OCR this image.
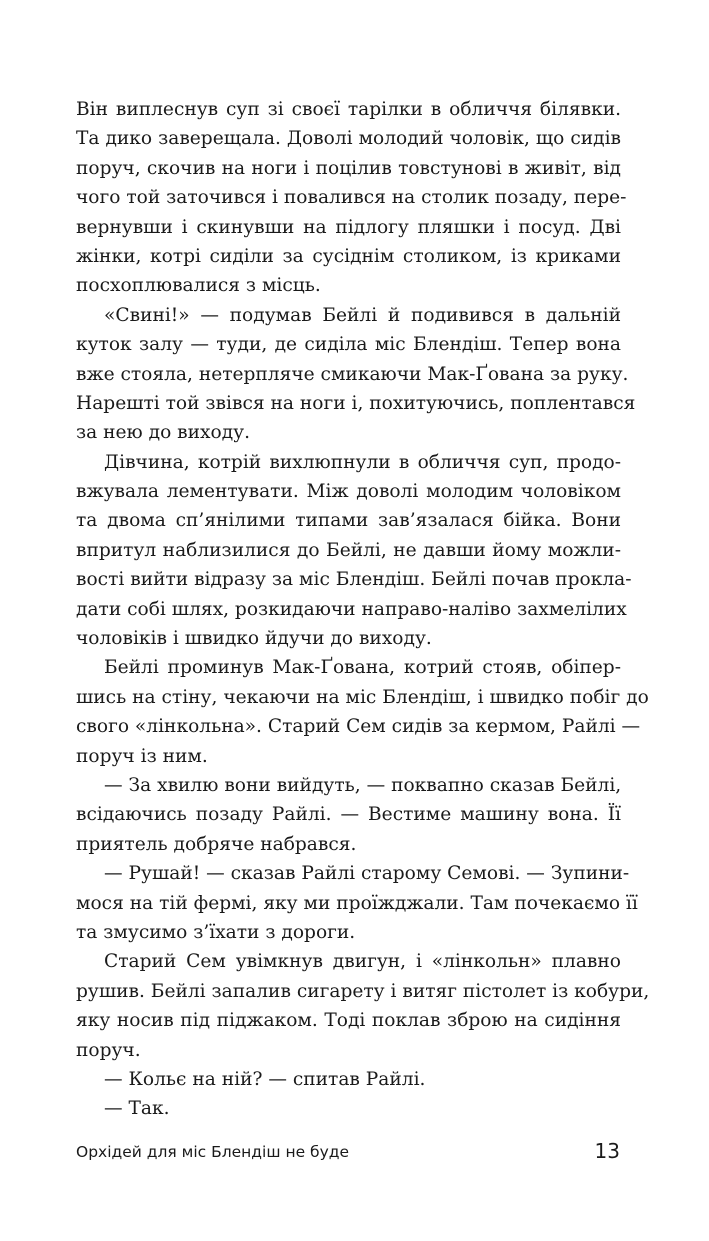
Він виплеснув суп зі своєї тарілки в обличчя білявки.
Та дико заверещала. Доволі молодий чоловік, що сидів
поруч, скочив на ноги і поцілив товстунові в живіт, від
чого той заточився і повалився на столик позаду, пере-
вернувши і скинувши на підлогу пляшки і посуд. Дві
жінки, котрі сиділи за сусіднім столиком, із криками
посхоплювалися з місць.
«Свині!» — подумав Бейлі й подивився в дальній
куток залу — туди, де сиділа міс Блендіш. Тепер вона
вже стояла, нетерпляче смикаючи Мак-Ґована за руку.
Нарешті той звівся на ноги і, похитуючись, поплентався
за нею до виходу.
Дівчина, котрій вихлюпнули в обличчя суп, продо-
вжувала лементувати. Між доволі молодим чоловіком
та двома сп’янілими типами зав’язалася бійка. Вони
впритул наблизилися до Бейлі, не давши йому можли-
вості вийти відразу за міс Блендіш. Бейлі почав прокла-
дати собі шлях, розкидаючи направо-наліво захмелілих
чоловіків і швидко йдучи до виходу.
Бейлі проминув Мак-Ґована, котрий стояв, обіпер-
шись на стіну, чекаючи на міс Блендіш, і швидко побіг до
свого «лінкольна». Старий Сем сидів за кермом, Райлі —
поруч із ним.
— За хвилю вони вийдуть, — поквапно сказав Бейлі,
всідаючись позаду Райлі. — Вестиме машину вона. Її
приятель добряче набрався.
— Рушай! — сказав Райлі старому Семові. — Зупини-
мося на тій фермі, яку ми проїжджали. Там почекаємо її
та змусимо з’їхати з дороги.
Старий Сем увімкнув двигун, і «лінкольн» плавно
рушив. Бейлі запалив сигарету і витяг пістолет із кобури,
яку носив під піджаком. Тоді поклав зброю на сидіння
поруч.
— Кольє на ній? — спитав Райлі.
— Так.
Орхідей для міс Блендіш не буде	13
